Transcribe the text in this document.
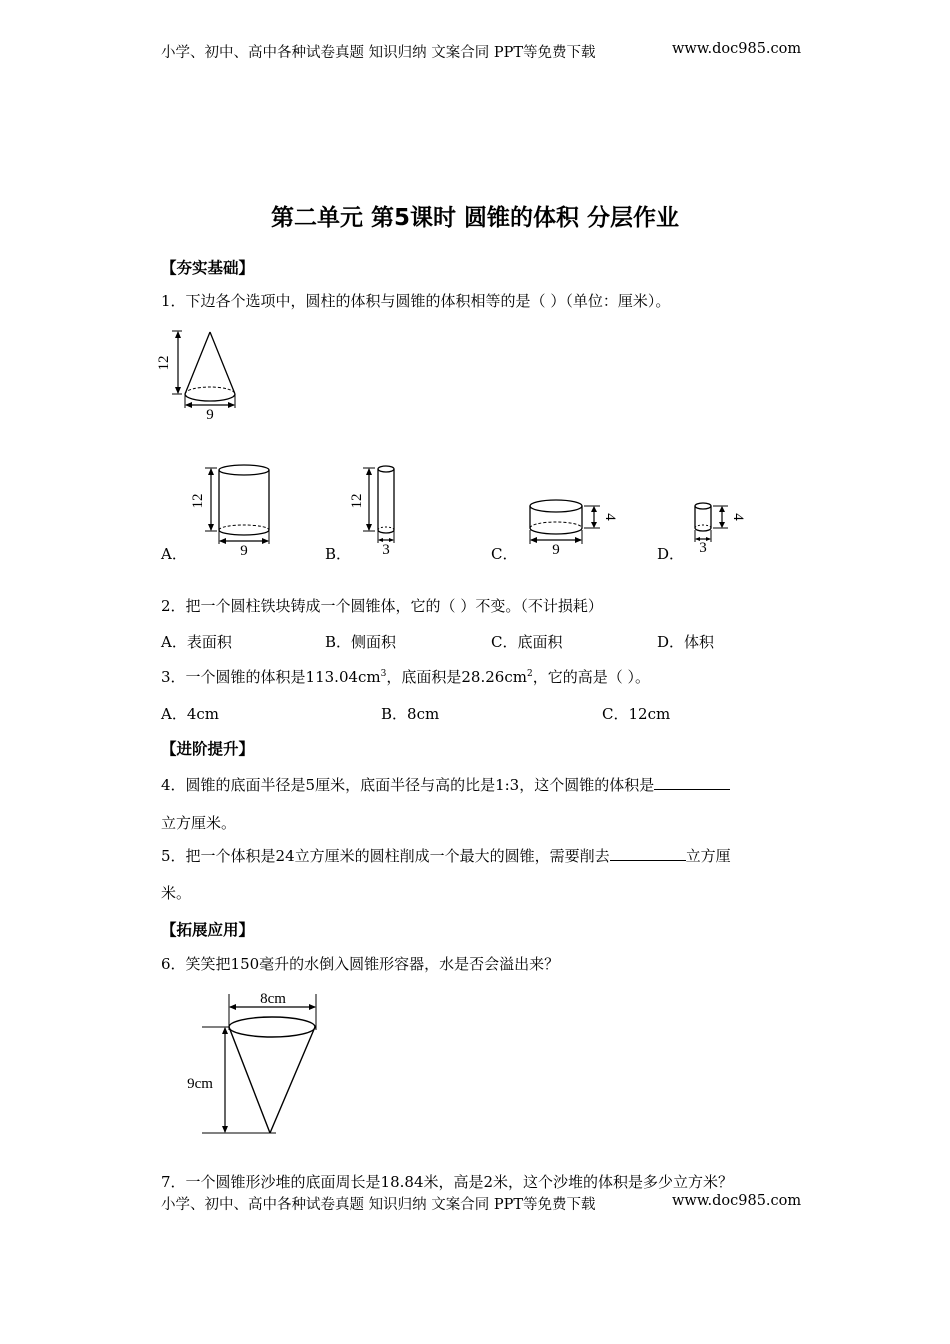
小学、初中、高中各种试卷真题 知识归纳 文案合同 PPT等免费下载	www.doc985.com
第二单元 第5课时 圆锥的体积 分层作业
【夯实基础】
1．下边各个选项中，圆柱的体积与圆锥的体积相等的是（ ）（单位：厘米）。
12
9
A．
12
9	B．
12
3	C．
4
9	D．
4
3
2．把一个圆柱铁块铸成一个圆锥体，它的（ ）不变。（不计损耗）
A．表面积	B．侧面积	C．底面积	D．体积
3．一个圆锥的体积是$113.04cm^3$，底面积是$28.26cm^2$，它的高是（ ）。
A．4cm	B．8cm	C．12cm
【进阶提升】
4．圆锥的底面半径是5厘米，底面半径与高的比是1:3，这个圆锥的体积是
立方厘米。
5．把一个体积是24立方厘米的圆柱削成一个最大的圆锥，需要削去	立方厘
米。
【拓展应用】
6．笑笑把150毫升的水倒入圆锥形容器，水是否会溢出来？
8cm
9cm
7．一个圆锥形沙堆的底面周长是18.84米，高是2米，这个沙堆的体积是多少立方米？
小学、初中、高中各种试卷真题 知识归纳 文案合同 PPT等免费下载	www.doc985.com
